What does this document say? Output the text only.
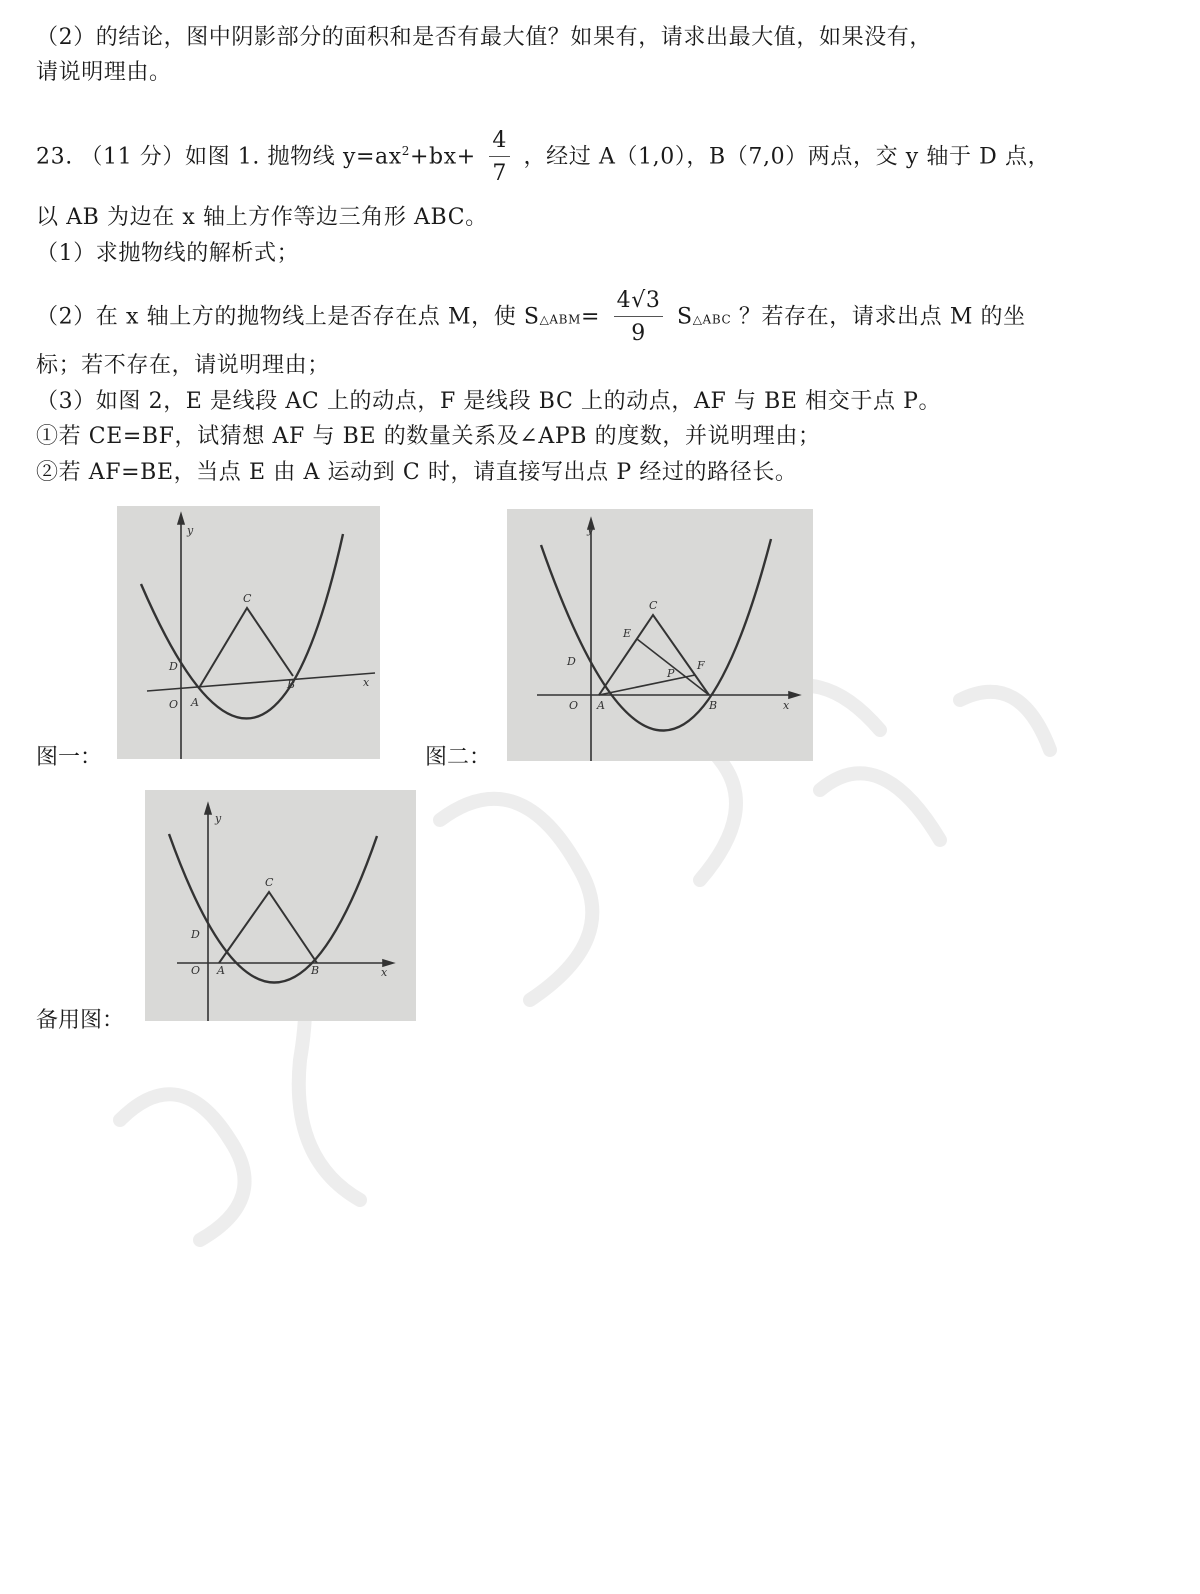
（2）的结论，图中阴影部分的面积和是否有最大值？如果有，请求出最大值，如果没有，
请说明理由。
23. （11 分）如图 1. 抛物线 $y=ax^2+bx+ \frac{4}{7}$ ，经过 A（1,0），B（7,0）两点，交 y 轴于 D 点，
以 AB 为边在 x 轴上方作等边三角形 ABC。
（1）求抛物线的解析式；
（2）在 x 轴上方的抛物线上是否存在点 M，使 S△ABM= $\frac{4√3}{9}$ S△ABC ？若存在，请求出点 M 的坐
标；若不存在，请说明理由；
（3）如图 2，E 是线段 AC 上的动点，F 是线段 BC 上的动点，AF 与 BE 相交于点 P。
①若 CE=BF，试猜想 AF 与 BE 的数量关系及∠APB 的度数，并说明理由；
②若 AF=BE，当点 E 由 A 运动到 C 时，请直接写出点 P 经过的路径长。
图一：
y
x
C
D
O A
B
图二：
y
x
C
E
F
P
D
O A	B
备用图：
y
x
C
D
O A	B
